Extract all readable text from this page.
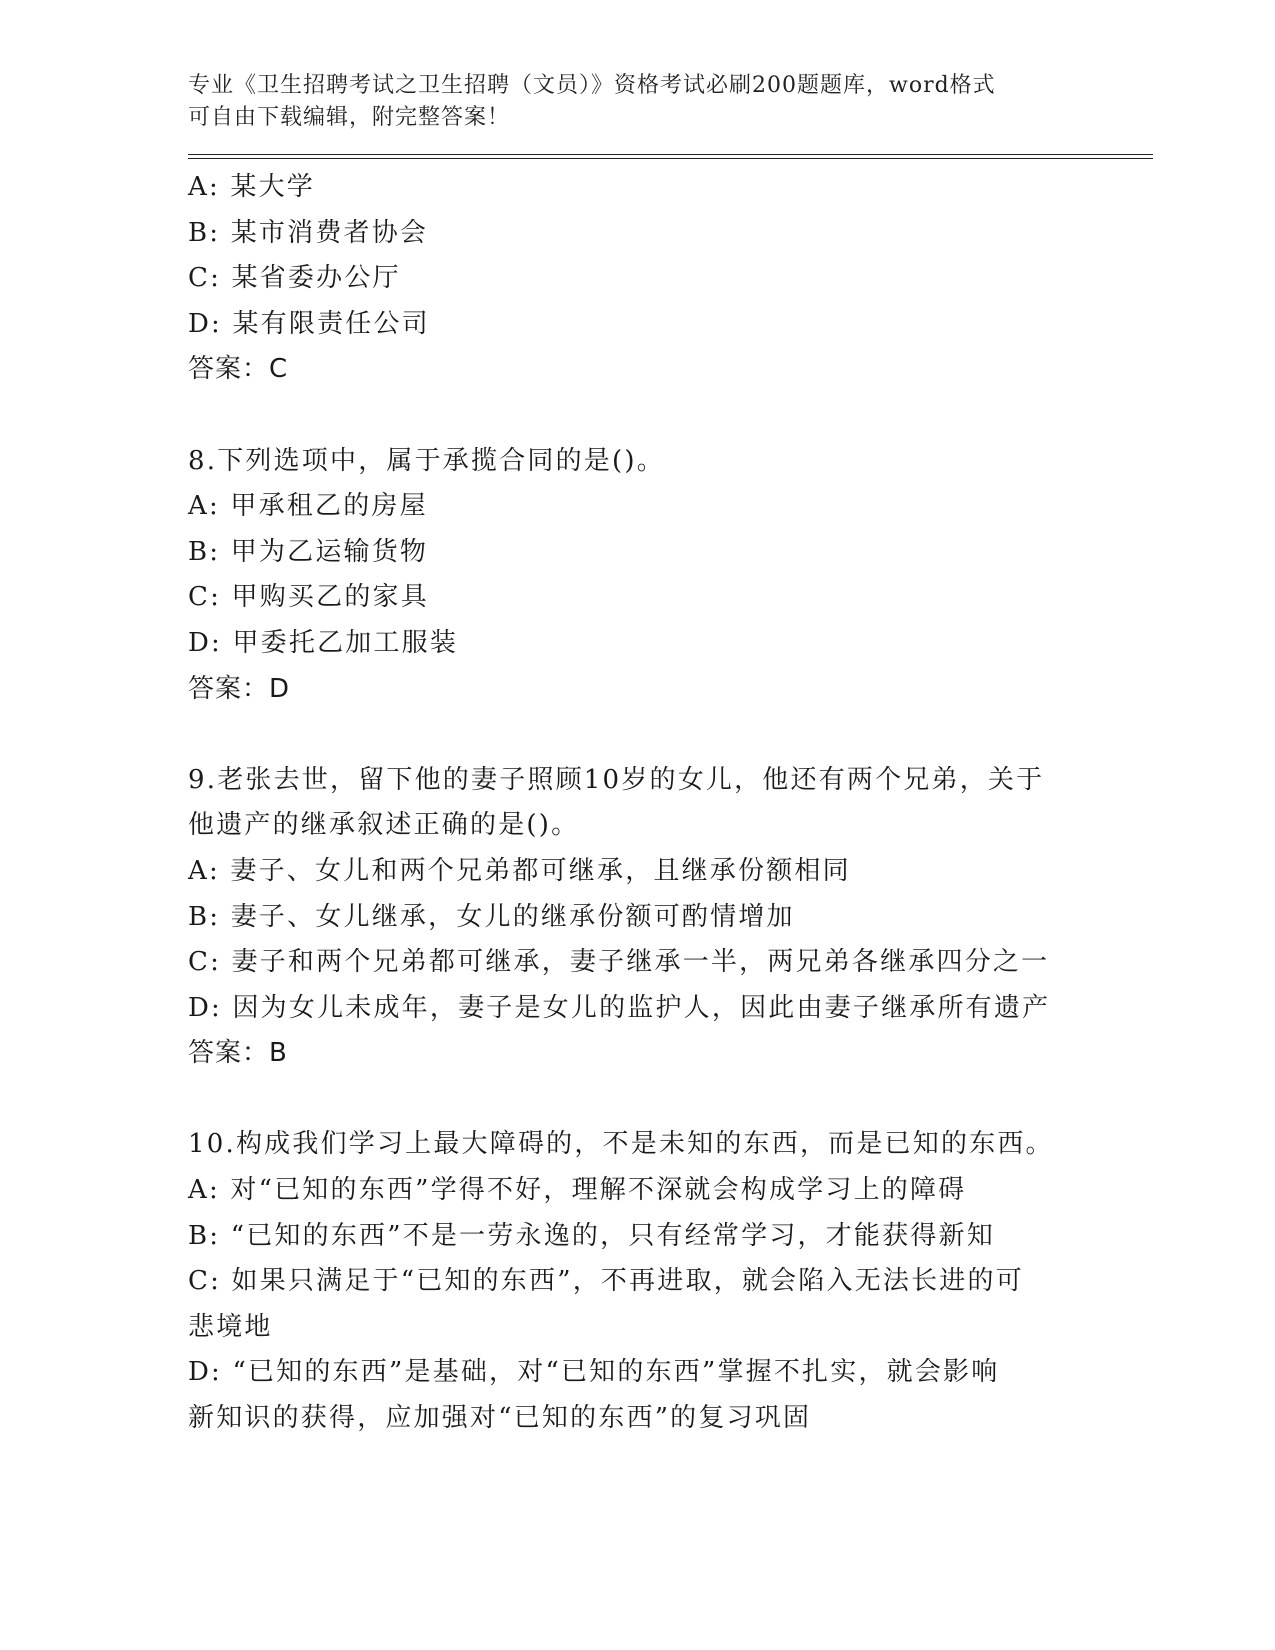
专业《卫生招聘考试之卫生招聘（文员）》资格考试必刷200题题库，word格式
可自由下载编辑，附完整答案！
A: 某大学
B: 某市消费者协会
C: 某省委办公厅
D: 某有限责任公司
答案：C
8.下列选项中，属于承揽合同的是()。
A: 甲承租乙的房屋
B: 甲为乙运输货物
C: 甲购买乙的家具
D: 甲委托乙加工服装
答案：D
9.老张去世，留下他的妻子照顾10岁的女儿，他还有两个兄弟，关于
他遗产的继承叙述正确的是()。
A: 妻子、女儿和两个兄弟都可继承，且继承份额相同
B: 妻子、女儿继承，女儿的继承份额可酌情增加
C: 妻子和两个兄弟都可继承，妻子继承一半，两兄弟各继承四分之一
D: 因为女儿未成年，妻子是女儿的监护人，因此由妻子继承所有遗产
答案：B
10.构成我们学习上最大障碍的，不是未知的东西，而是已知的东西。
A: 对“已知的东西”学得不好，理解不深就会构成学习上的障碍
B: “已知的东西”不是一劳永逸的，只有经常学习，才能获得新知
C: 如果只满足于“已知的东西”，不再进取，就会陷入无法长进的可
悲境地
D: “已知的东西”是基础，对“已知的东西”掌握不扎实，就会影响
新知识的获得，应加强对“已知的东西”的复习巩固
